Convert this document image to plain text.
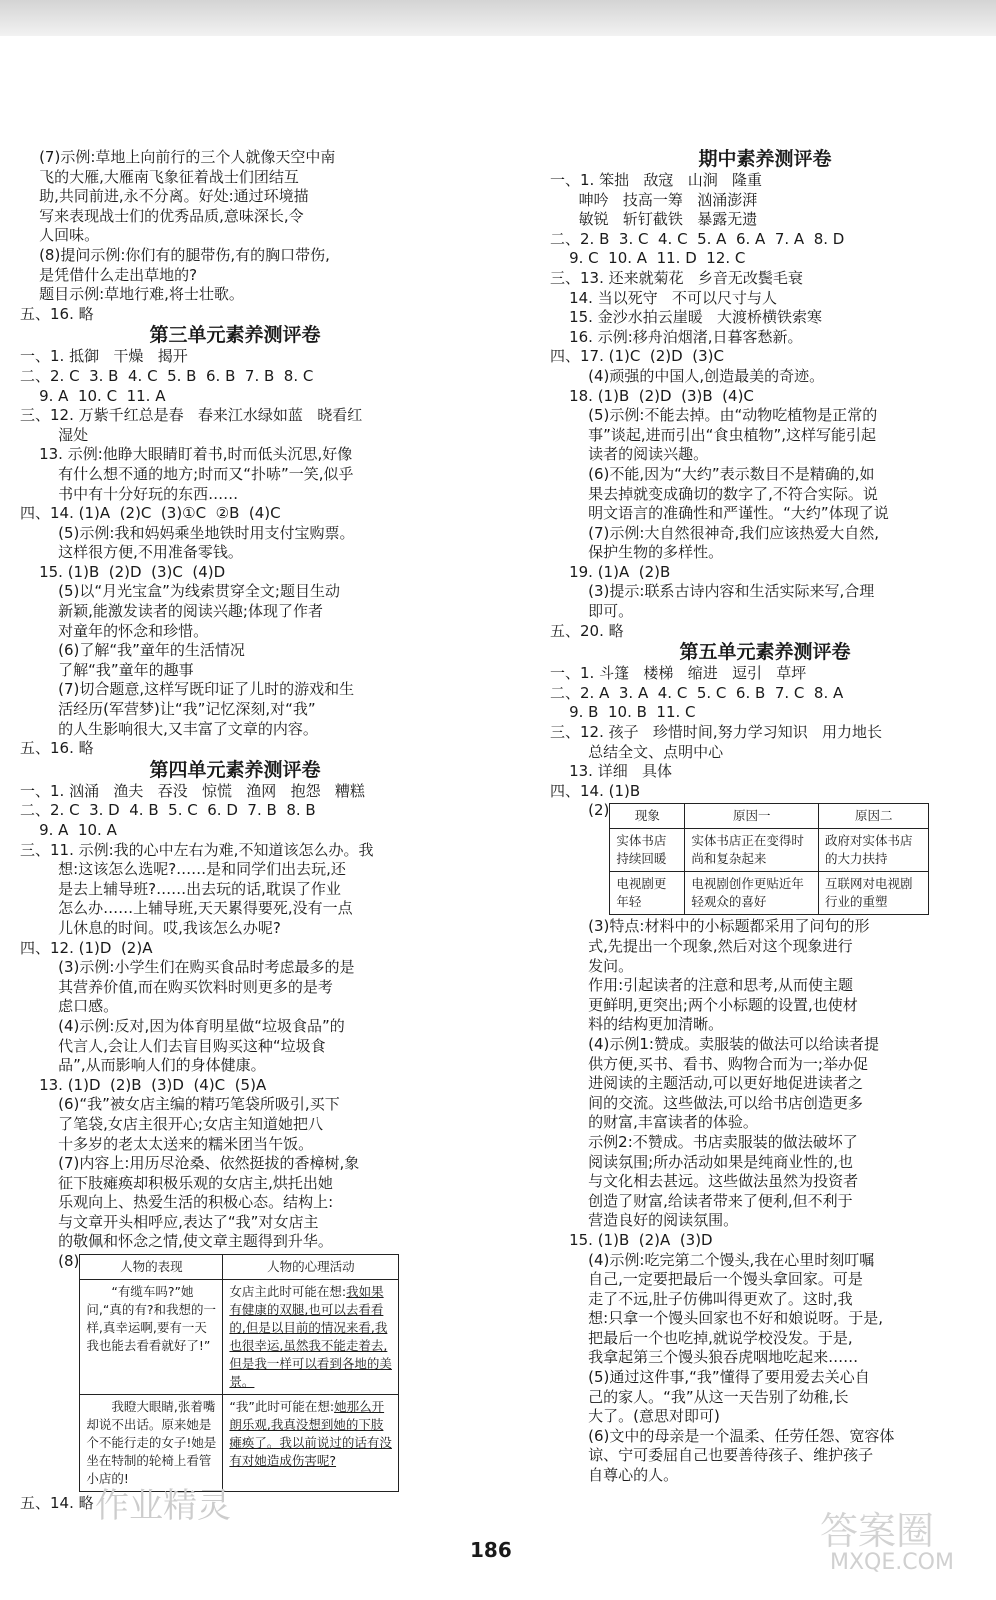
(7)示例:草地上向前行的三个人就像天空中南
飞的大雁,大雁南飞象征着战士们团结互
助,共同前进,永不分离。好处:通过环境描
写来表现战士们的优秀品质,意味深长,令
人回味。
(8)提问示例:你们有的腿带伤,有的胸口带伤,
是凭借什么走出草地的?
题目示例:草地行难,将士壮歌。
五、16. 略
第三单元素养测评卷
一、1. 抵御   干燥   揭开
二、2. C  3. B  4. C  5. B  6. B  7. B  8. C
9. A  10. C  11. A
三、12. 万紫千红总是春   春来江水绿如蓝   晓看红
湿处
13. 示例:他睁大眼睛盯着书,时而低头沉思,好像
有什么想不通的地方;时而又“扑哧”一笑,似乎
书中有十分好玩的东西……
四、14. (1)A  (2)C  (3)①C  ②B  (4)C
(5)示例:我和妈妈乘坐地铁时用支付宝购票。
这样很方便,不用准备零钱。
15. (1)B  (2)D  (3)C  (4)D
(5)以“月光宝盒”为线索贯穿全文;题目生动
新颖,能激发读者的阅读兴趣;体现了作者
对童年的怀念和珍惜。
(6)了解“我”童年的生活情况
了解“我”童年的趣事
(7)切合题意,这样写既印证了儿时的游戏和生
活经历(军营梦)让“我”记忆深刻,对“我”
的人生影响很大,又丰富了文章的内容。
五、16. 略
第四单元素养测评卷
一、1. 汹涌   渔夫   吞没   惊慌   渔网   抱怨   糟糕
二、2. C  3. D  4. B  5. C  6. D  7. B  8. B
9. A  10. A
三、11. 示例:我的心中左右为难,不知道该怎么办。我
想:这该怎么选呢?……是和同学们出去玩,还
是去上辅导班?……出去玩的话,耽误了作业
怎么办……上辅导班,天天累得要死,没有一点
儿休息的时间。哎,我该怎么办呢?
四、12. (1)D  (2)A
(3)示例:小学生们在购买食品时考虑最多的是
其营养价值,而在购买饮料时则更多的是考
虑口感。
(4)示例:反对,因为体育明星做“垃圾食品”的
代言人,会让人们去盲目购买这种“垃圾食
品”,从而影响人们的身体健康。
13. (1)D  (2)B  (3)D  (4)C  (5)A
(6)“我”被女店主编的精巧笔袋所吸引,买下
了笔袋,女店主很开心;女店主知道她把八
十多岁的老太太送来的糯米团当午饭。
(7)内容上:用历尽沧桑、依然挺拔的香樟树,象
征下肢瘫痪却积极乐观的女店主,烘托出她
乐观向上、热爱生活的积极心态。结构上:
与文章开头相呼应,表达了“我”对女店主
的敬佩和怀念之情,使文章主题得到升华。
(8)	人物的表现	人物的心理活动
“有缆车吗?”她问,“真的有?和我想的一样,真幸运啊,要有一天我也能去看看就好了!”	女店主此时可能在想:我如果有健康的双腿,也可以去看看的,但是以目前的情况来看,我也很幸运,虽然我不能走着去,但是我一样可以看到各地的美景。
我瞪大眼睛,张着嘴却说不出话。原来她是个不能行走的女子!她是坐在特制的轮椅上看管小店的!	“我”此时可能在想:她那么开朗乐观,我真没想到她的下肢瘫痪了。我以前说过的话有没有对她造成伤害呢?
五、14. 略
期中素养测评卷
一、1. 笨拙   敌寇   山涧   隆重
呻吟   技高一筹   汹涌澎湃
敏锐   斩钉截铁   暴露无遗
二、2. B  3. C  4. C  5. A  6. A  7. A  8. D
9. C  10. A  11. D  12. C
三、13. 还来就菊花   乡音无改鬓毛衰
14. 当以死守   不可以尺寸与人
15. 金沙水拍云崖暖   大渡桥横铁索寒
16. 示例:移舟泊烟渚,日暮客愁新。
四、17. (1)C  (2)D  (3)C
(4)顽强的中国人,创造最美的奇迹。
18. (1)B  (2)D  (3)B  (4)C
(5)示例:不能去掉。由“动物吃植物是正常的
事”谈起,进而引出“食虫植物”,这样写能引起
读者的阅读兴趣。
(6)不能,因为“大约”表示数目不是精确的,如
果去掉就变成确切的数字了,不符合实际。说
明文语言的准确性和严谨性。“大约”体现了说
(7)示例:大自然很神奇,我们应该热爱大自然,
保护生物的多样性。
19. (1)A  (2)B
(3)提示:联系古诗内容和生活实际来写,合理
即可。
五、20. 略
第五单元素养测评卷
一、1. 斗篷   楼梯   缩进   逗引   草坪
二、2. A  3. A  4. C  5. C  6. B  7. C  8. A
9. B  10. B  11. C
三、12. 孩子   珍惜时间,努力学习知识   用力地长
总结全文、点明中心
13. 详细   具体
四、14. (1)B
(2) 现象	原因一	原因二
实体书店持续回暖	实体书店正在变得时尚和复杂起来	政府对实体书店的大力扶持
电视剧更年轻	电视剧创作更贴近年轻观众的喜好	互联网对电视剧行业的重塑
(3)特点:材料中的小标题都采用了问句的形
式,先提出一个现象,然后对这个现象进行
发问。
作用:引起读者的注意和思考,从而使主题
更鲜明,更突出;两个小标题的设置,也使材
料的结构更加清晰。
(4)示例1:赞成。卖服装的做法可以给读者提
供方便,买书、看书、购物合而为一;举办促
进阅读的主题活动,可以更好地促进读者之
间的交流。这些做法,可以给书店创造更多
的财富,丰富读者的体验。
示例2:不赞成。书店卖服装的做法破坏了
阅读氛围;所办活动如果是纯商业性的,也
与文化相去甚远。这些做法虽然为投资者
创造了财富,给读者带来了便利,但不利于
营造良好的阅读氛围。
15. (1)B  (2)A  (3)D
(4)示例:吃完第二个馒头,我在心里时刻叮嘱
自己,一定要把最后一个馒头拿回家。可是
走了不远,肚子仿佛叫得更欢了。这时,我
想:只拿一个馒头回家也不好和娘说呀。于是,
把最后一个也吃掉,就说学校没发。于是,
我拿起第三个馒头狼吞虎咽地吃起来……
(5)通过这件事,“我”懂得了要用爱去关心自
己的家人。“我”从这一天告别了幼稚,长
大了。(意思对即可)
(6)文中的母亲是一个温柔、任劳任怨、宽容体
谅、宁可委屈自己也要善待孩子、维护孩子
自尊心的人。
186
作业精灵
答案圈
MXQE.COM
